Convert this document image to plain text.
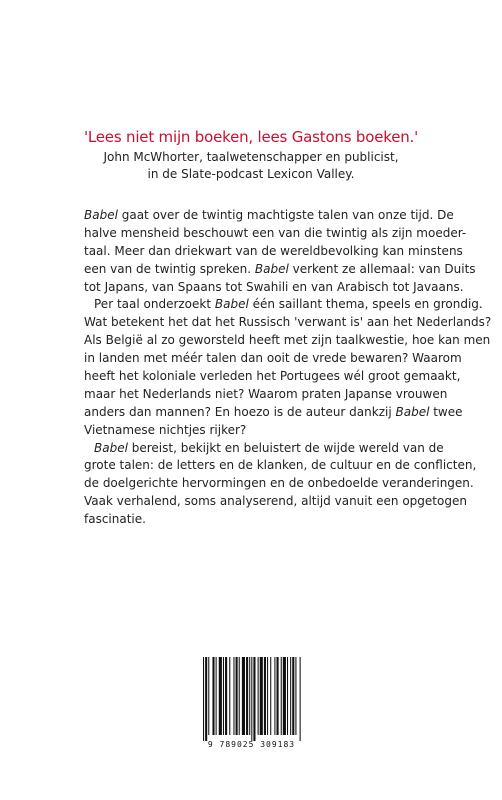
'Lees niet mijn boeken, lees Gastons boeken.'
John McWhorter, taalwetenschapper en publicist,
in de Slate-podcast Lexicon Valley.
Babel gaat over de twintig machtigste talen van onze tijd. De
halve mensheid beschouwt een van die twintig als zijn moeder-
taal. Meer dan driekwart van de wereldbevolking kan minstens
een van de twintig spreken. Babel verkent ze allemaal: van Duits
tot Japans, van Spaans tot Swahili en van Arabisch tot Javaans.
Per taal onderzoekt Babel één saillant thema, speels en grondig.
Wat betekent het dat het Russisch 'verwant is' aan het Nederlands?
Als België al zo geworsteld heeft met zijn taalkwestie, hoe kan men
in landen met méér talen dan ooit de vrede bewaren? Waarom
heeft het koloniale verleden het Portugees wél groot gemaakt,
maar het Nederlands niet? Waarom praten Japanse vrouwen
anders dan mannen? En hoezo is de auteur dankzij Babel twee
Vietnamese nichtjes rijker?
Babel bereist, bekijkt en beluistert de wijde wereld van de
grote talen: de letters en de klanken, de cultuur en de conflicten,
de doelgerichte hervormingen en de onbedoelde veranderingen.
Vaak verhalend, soms analyserend, altijd vanuit een opgetogen
fascinatie.
9 789025 309183
